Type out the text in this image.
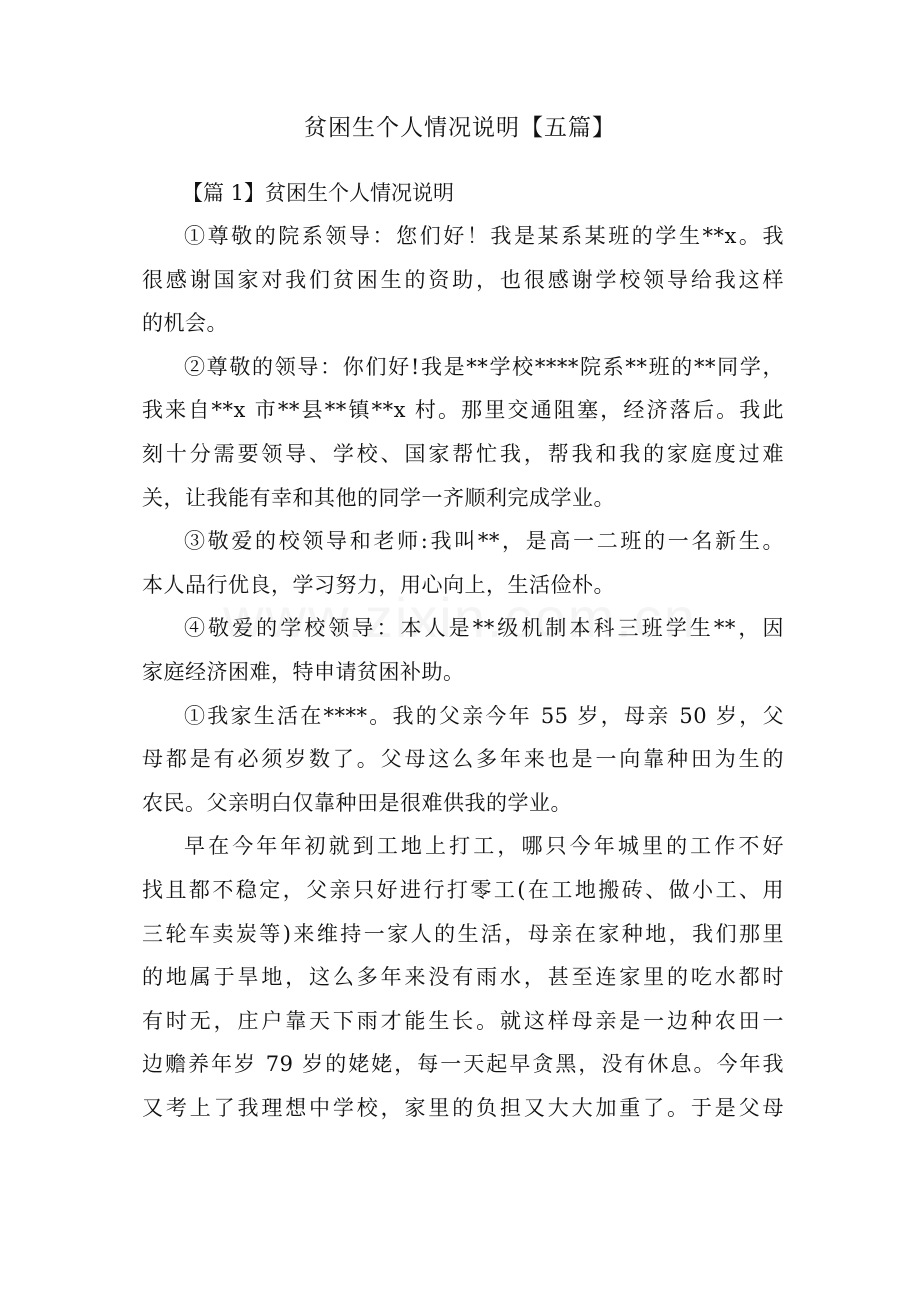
贫困生个人情况说明【五篇】
【篇 1】贫困生个人情况说明
①尊敬的院系领导：您们好！我是某系某班的学生**x。我
很感谢国家对我们贫困生的资助，也很感谢学校领导给我这样
的机会。
②尊敬的领导：你们好!我是**学校****院系**班的**同学，
我来自**x 市**县**镇**x 村。那里交通阻塞，经济落后。我此
刻十分需要领导、学校、国家帮忙我，帮我和我的家庭度过难
关，让我能有幸和其他的同学一齐顺利完成学业。
③敬爱的校领导和老师:我叫**，是高一二班的一名新生。
本人品行优良，学习努力，用心向上，生活俭朴。
④敬爱的学校领导：本人是**级机制本科三班学生**，因
家庭经济困难，特申请贫困补助。
①我家生活在****。我的父亲今年 55 岁，母亲 50 岁，父
母都是有必须岁数了。父母这么多年来也是一向靠种田为生的
农民。父亲明白仅靠种田是很难供我的学业。
早在今年年初就到工地上打工，哪只今年城里的工作不好
找且都不稳定，父亲只好进行打零工(在工地搬砖、做小工、用
三轮车卖炭等)来维持一家人的生活，母亲在家种地，我们那里
的地属于旱地，这么多年来没有雨水，甚至连家里的吃水都时
有时无，庄户靠天下雨才能生长。就这样母亲是一边种农田一
边赡养年岁 79 岁的姥姥，每一天起早贪黑，没有休息。今年我
又考上了我理想中学校，家里的负担又大大加重了。于是父母
